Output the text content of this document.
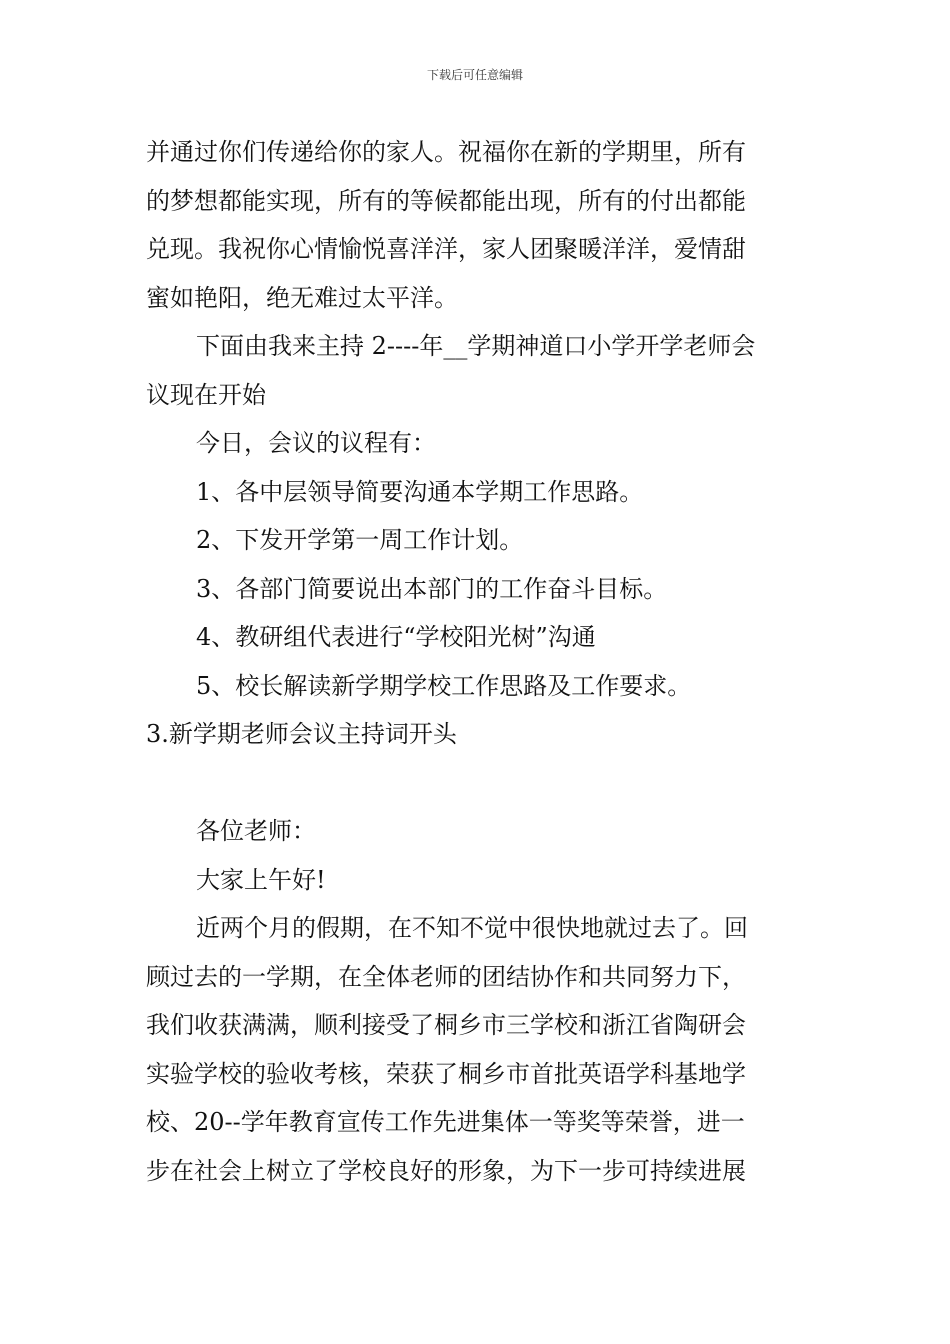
下载后可任意编辑
并通过你们传递给你的家人。祝福你在新的学期里，所有
的梦想都能实现，所有的等候都能出现，所有的付出都能
兑现。我祝你心情愉悦喜洋洋，家人团聚暖洋洋，爱情甜
蜜如艳阳，绝无难过太平洋。
下面由我来主持 2----年__学期神道口小学开学老师会
议现在开始
今日，会议的议程有：
1、各中层领导简要沟通本学期工作思路。
2、下发开学第一周工作计划。
3、各部门简要说出本部门的工作奋斗目标。
4、教研组代表进行“学校阳光树”沟通
5、校长解读新学期学校工作思路及工作要求。
3.新学期老师会议主持词开头
各位老师：
大家上午好!
近两个月的假期，在不知不觉中很快地就过去了。回
顾过去的一学期，在全体老师的团结协作和共同努力下，
我们收获满满，顺利接受了桐乡市三学校和浙江省陶研会
实验学校的验收考核，荣获了桐乡市首批英语学科基地学
校、20--学年教育宣传工作先进集体一等奖等荣誉，进一
步在社会上树立了学校良好的形象，为下一步可持续进展
